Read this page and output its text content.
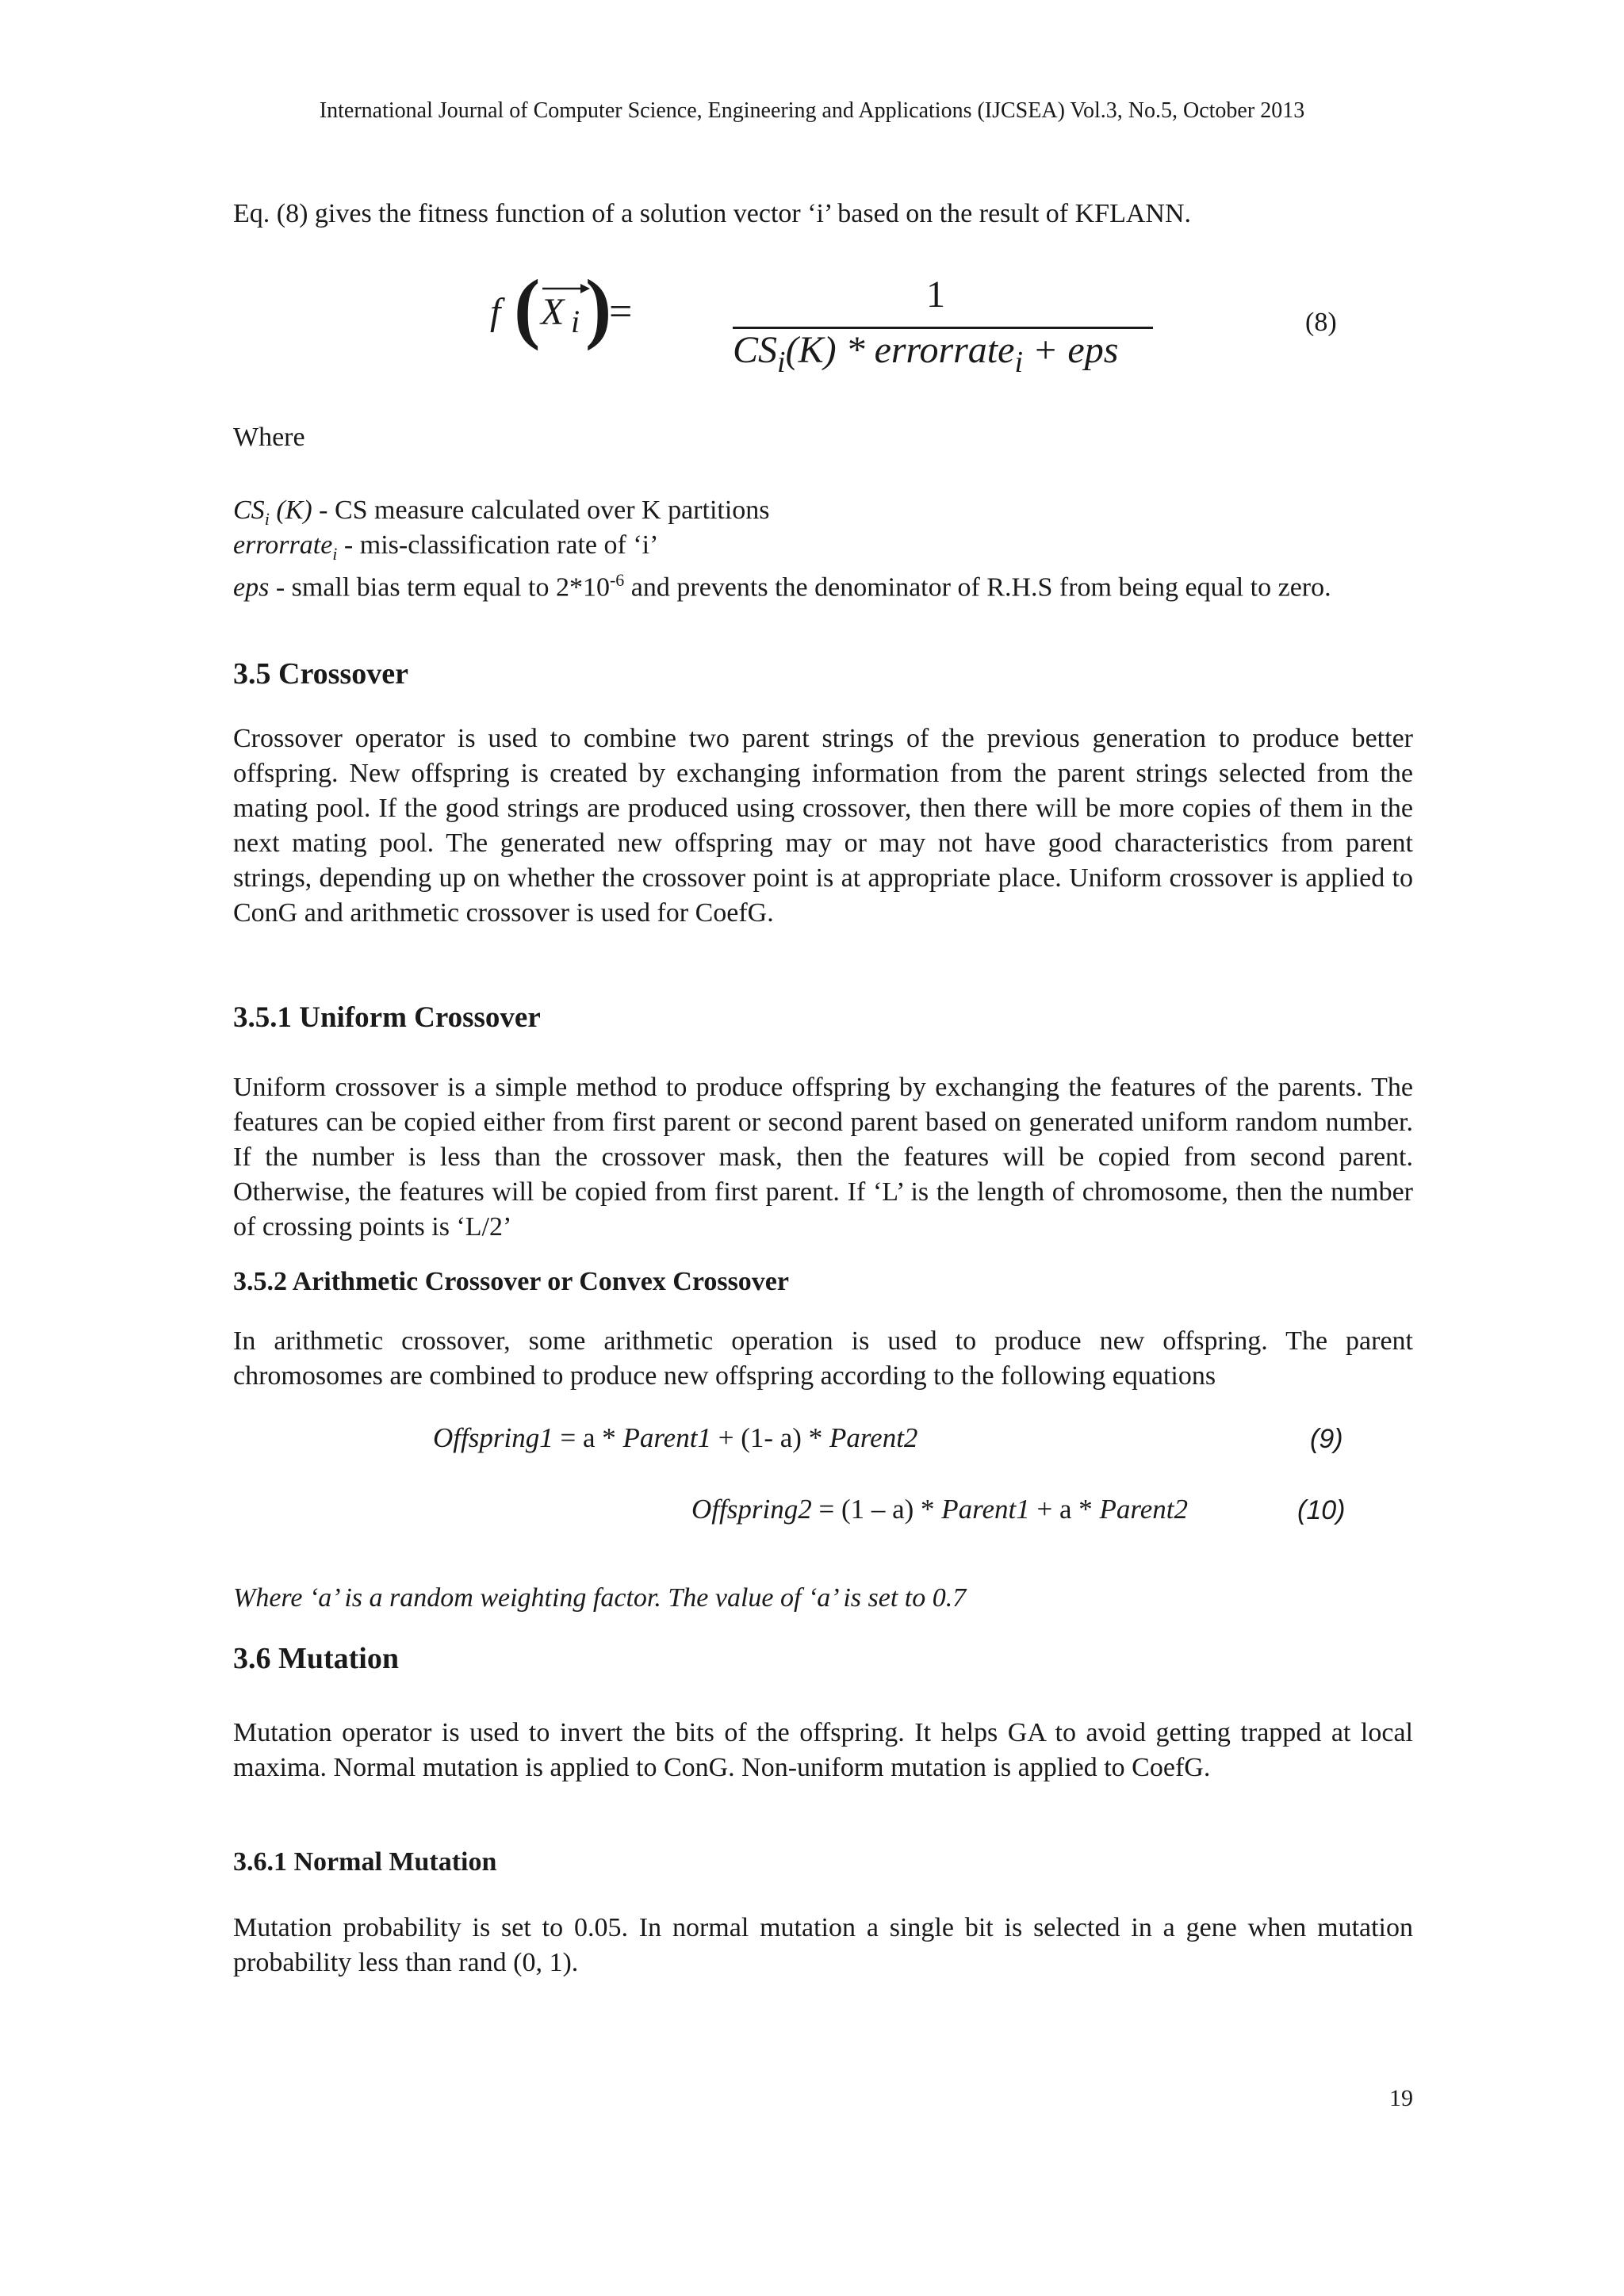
International Journal of Computer Science, Engineering and Applications (IJCSEA) Vol.3, No.5, October 2013
Eq. (8) gives the fitness function of a solution vector ‘i’ based on the result of KFLANN.
f ( X i )
=	1
$CS_i(K)$ * errorrate$_i$ + eps
(8)
Where
$CS_i$ (K) - CS measure calculated over K partitions
errorrate$_i$ - mis-classification rate of ‘i’
eps - small bias term equal to $2*10^{-6}$ and prevents the denominator of R.H.S from being equal to zero.
3.5 Crossover
Crossover operator is used to combine two parent strings of the previous generation to produce better offspring. New offspring is created by exchanging information from the parent strings selected from the mating pool. If the good strings are produced using crossover, then there will be more copies of them in the next mating pool. The generated new offspring may or may not have good characteristics from parent strings, depending up on whether the crossover point is at appropriate place. Uniform crossover is applied to ConG and arithmetic crossover is used for CoefG.
3.5.1 Uniform Crossover
Uniform crossover is a simple method to produce offspring by exchanging the features of the parents. The features can be copied either from first parent or second parent based on generated uniform random number. If the number is less than the crossover mask, then the features will be copied from second parent. Otherwise, the features will be copied from first parent. If ‘L’ is the length of chromosome, then the number of crossing points is ‘L/2’
3.5.2 Arithmetic Crossover or Convex Crossover
In arithmetic crossover, some arithmetic operation is used to produce new offspring. The parent chromosomes are combined to produce new offspring according to the following equations
Offspring1 = a * Parent1 + (1- a) * Parent2	(9)
Offspring2 = (1 – a) * Parent1 + a * Parent2	(10)
Where ‘a’ is a random weighting factor. The value of ‘a’ is set to 0.7
3.6 Mutation
Mutation operator is used to invert the bits of the offspring. It helps GA to avoid getting trapped at local maxima. Normal mutation is applied to ConG. Non-uniform mutation is applied to CoefG.
3.6.1 Normal Mutation
Mutation probability is set to 0.05. In normal mutation a single bit is selected in a gene when mutation probability less than rand (0, 1).
19
